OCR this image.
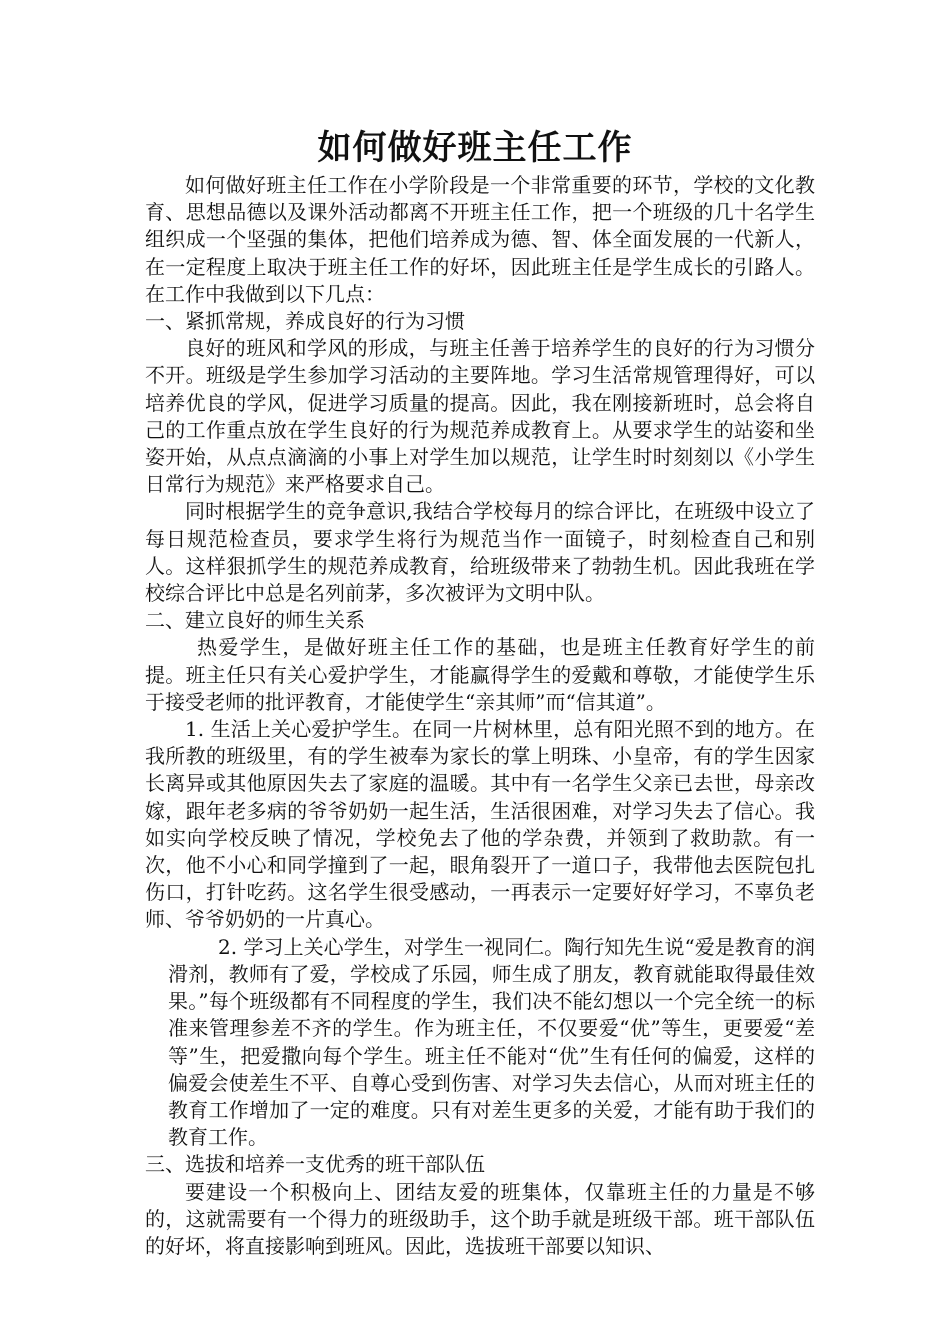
如何做好班主任工作

如何做好班主任工作在小学阶段是一个非常重要的环节，学校的文化教育、思想品德以及课外活动都离不开班主任工作，把一个班级的几十名学生组织成一个坚强的集体，把他们培养成为德、智、体全面发展的一代新人，在一定程度上取决于班主任工作的好坏，因此班主任是学生成长的引路人。在工作中我做到以下几点：

一、紧抓常规，养成良好的行为习惯

良好的班风和学风的形成，与班主任善于培养学生的良好的行为习惯分不开。班级是学生参加学习活动的主要阵地。学习生活常规管理得好，可以培养优良的学风，促进学习质量的提高。因此，我在刚接新班时，总会将自己的工作重点放在学生良好的行为规范养成教育上。从要求学生的站姿和坐姿开始，从点点滴滴的小事上对学生加以规范，让学生时时刻刻以《小学生日常行为规范》来严格要求自己。

同时根据学生的竞争意识,我结合学校每月的综合评比，在班级中设立了每日规范检查员，要求学生将行为规范当作一面镜子，时刻检查自己和别人。这样狠抓学生的规范养成教育，给班级带来了勃勃生机。因此我班在学校综合评比中总是名列前茅，多次被评为文明中队。

二、建立良好的师生关系

热爱学生，是做好班主任工作的基础，也是班主任教育好学生的前提。班主任只有关心爱护学生，才能赢得学生的爱戴和尊敬，才能使学生乐于接受老师的批评教育，才能使学生“亲其师”而“信其道”。

1. 生活上关心爱护学生。在同一片树林里，总有阳光照不到的地方。在我所教的班级里，有的学生被奉为家长的掌上明珠、小皇帝，有的学生因家长离异或其他原因失去了家庭的温暖。其中有一名学生父亲已去世，母亲改嫁，跟年老多病的爷爷奶奶一起生活，生活很困难，对学习失去了信心。我如实向学校反映了情况，学校免去了他的学杂费，并领到了救助款。有一次，他不小心和同学撞到了一起，眼角裂开了一道口子，我带他去医院包扎伤口，打针吃药。这名学生很受感动，一再表示一定要好好学习，不辜负老师、爷爷奶奶的一片真心。

2. 学习上关心学生，对学生一视同仁。陶行知先生说“爱是教育的润滑剂，教师有了爱，学校成了乐园，师生成了朋友，教育就能取得最佳效果。”每个班级都有不同程度的学生，我们决不能幻想以一个完全统一的标准来管理参差不齐的学生。作为班主任，不仅要爱“优”等生，更要爱“差等”生，把爱撒向每个学生。班主任不能对“优”生有任何的偏爱，这样的偏爱会使差生不平、自尊心受到伤害、对学习失去信心，从而对班主任的教育工作增加了一定的难度。只有对差生更多的关爱，才能有助于我们的教育工作。

三、选拔和培养一支优秀的班干部队伍

要建设一个积极向上、团结友爱的班集体，仅靠班主任的力量是不够的，这就需要有一个得力的班级助手，这个助手就是班级干部。班干部队伍的好坏，将直接影响到班风。因此，选拔班干部要以知识、
